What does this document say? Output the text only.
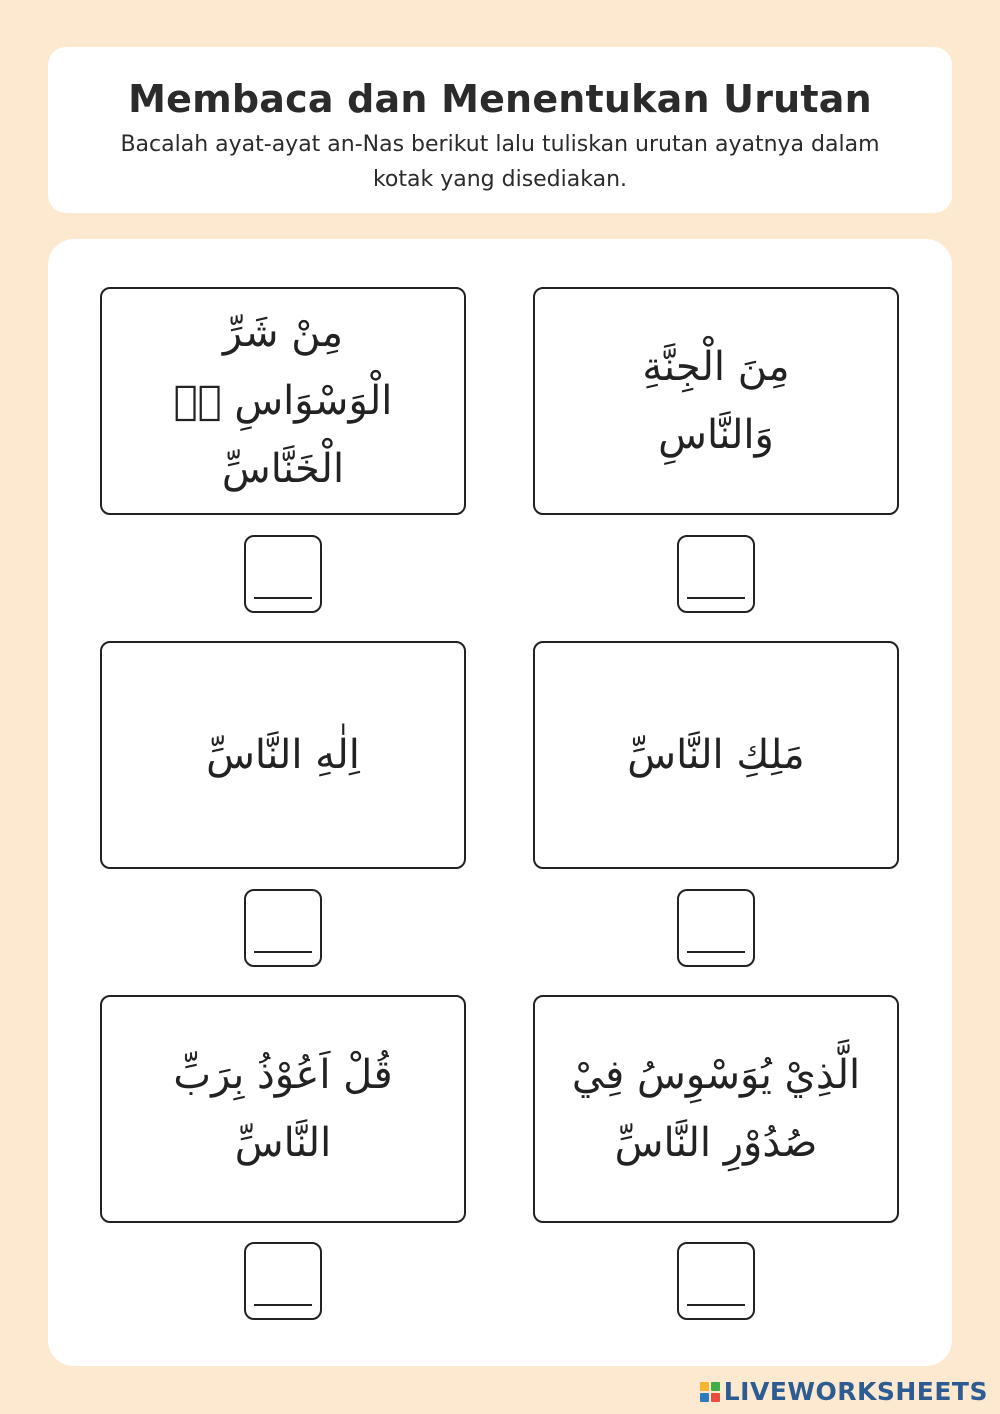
Membaca dan Menentukan Urutan

Bacalah ayat-ayat an-Nas berikut lalu tuliskan urutan ayatnya dalam kotak yang disediakan.

مِنْ شَرِّ الْوَسْوَاسِ ەۙ الْخَنَّاسِّ
مِنَ الْجِنَّةِ وَالنَّاسِ
اِلٰهِ النَّاسِّ	مَلِكِ النَّاسِّ
قُلْ اَعُوْذُ بِرَبِّ النَّاسِّ
الَّذِيْ يُوَسْوِسُ فِيْ صُدُوْرِ النَّاسِّ
LIVEWORKSHEETS
